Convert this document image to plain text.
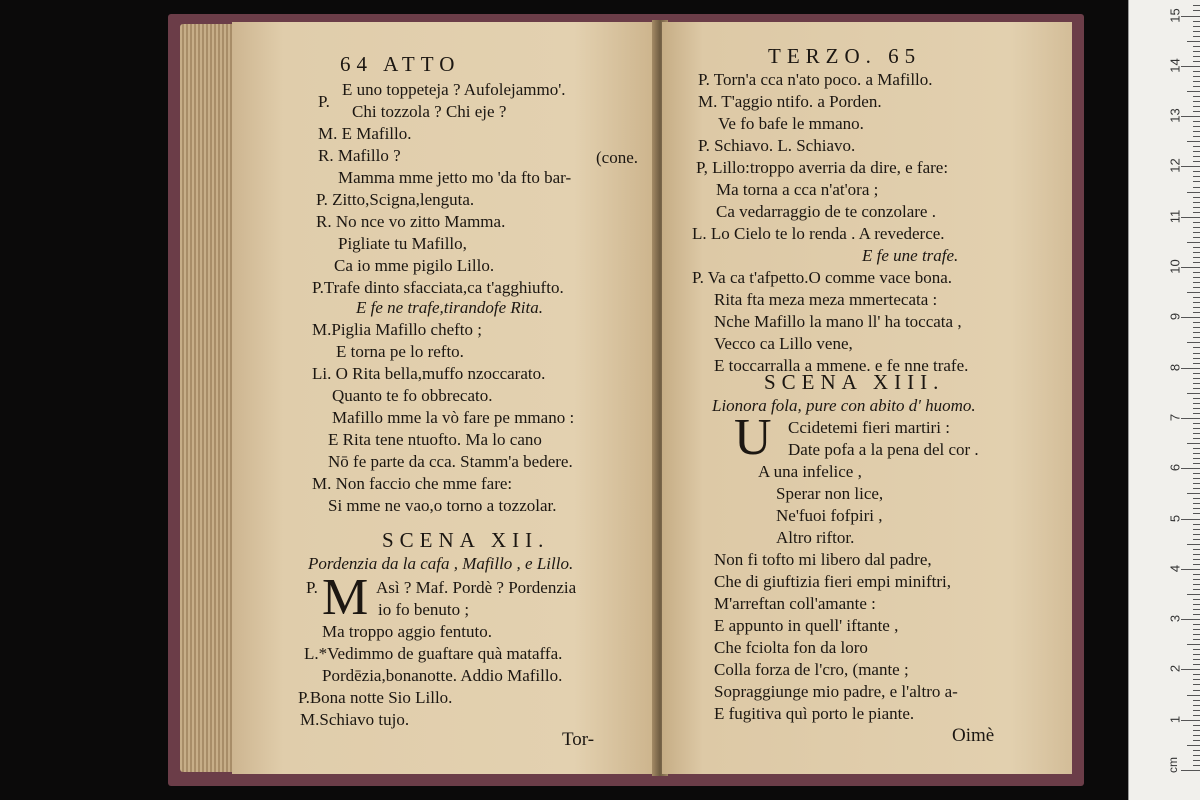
64 ATTO
E uno toppeteja ? Aufolejammo'.
P.
Chi tozzola ? Chi eje ?
M. E Mafillo.
R. Mafillo ?	(cone.
Mamma mme jetto mo 'da fto bar-
P. Zitto,Scigna,lenguta.
R. No nce vo zitto Mamma.
Pigliate tu Mafillo,
Ca io mme pigilo Lillo.
P.Trafe dinto sfacciata,ca t'agghiufto.
E fe ne trafe,tirandofe Rita.
M.Piglia Mafillo chefto ;
E torna pe lo refto.
Li. O Rita bella,muffo nzoccarato.
Quanto te fo obbrecato.
Mafillo mme la vò fare pe mmano :
E Rita tene ntuofto. Ma lo cano
Nō fe parte da cca. Stamm'a bedere.
M. Non faccio che mme fare:
Si mme ne vao,o torno a tozzolar.
SCENA XII.
Pordenzia da la cafa , Mafillo , e Lillo.
P. M Asì ? Maf. Pordè ? Pordenzia
io fo benuto ;
Ma troppo aggio fentuto.
L.*Vedimmo de guaftare quà mataffa.
Pordēzia,bonanotte. Addio Mafillo.
P.Bona notte Sio Lillo.
M.Schiavo tujo.
Tor-
TERZO. 65
P. Torn'a cca n'ato poco. a Mafillo.
M. T'aggio ntifo. a Porden.
Ve fo bafe le mmano.
P. Schiavo. L. Schiavo.
P, Lillo:troppo averria da dire, e fare:
Ma torna a cca n'at'ora ;
Ca vedarraggio de te conzolare .
L. Lo Cielo te lo renda . A revederce.
E fe une trafe.
P. Va ca t'afpetto.O comme vace bona.
Rita fta meza meza mmertecata :
Nche Mafillo la mano ll' ha toccata ,
Vecco ca Lillo vene,
E toccarralla a mmene. e fe nne trafe.
SCENA XIII.
Lionora fola, pure con abito d' huomo.
U Ccidetemi fieri martiri :
Date pofa a la pena del cor .
A una infelice ,
Sperar non lice,
Ne'fuoi fofpiri ,
Altro riftor.
Non fi tofto mi libero dal padre,
Che di giuftizia fieri empi miniftri,
M'arreftan coll'amante :
E appunto in quell' iftante ,
Che fciolta fon da loro
Colla forza de l'cro, (mante ;
Sopraggiunge mio padre, e l'altro a-
E fugitiva quì porto le piante.
Oimè
cm
1
2
3
4
5
6
7
8
9
10
11
12
13
14
15
